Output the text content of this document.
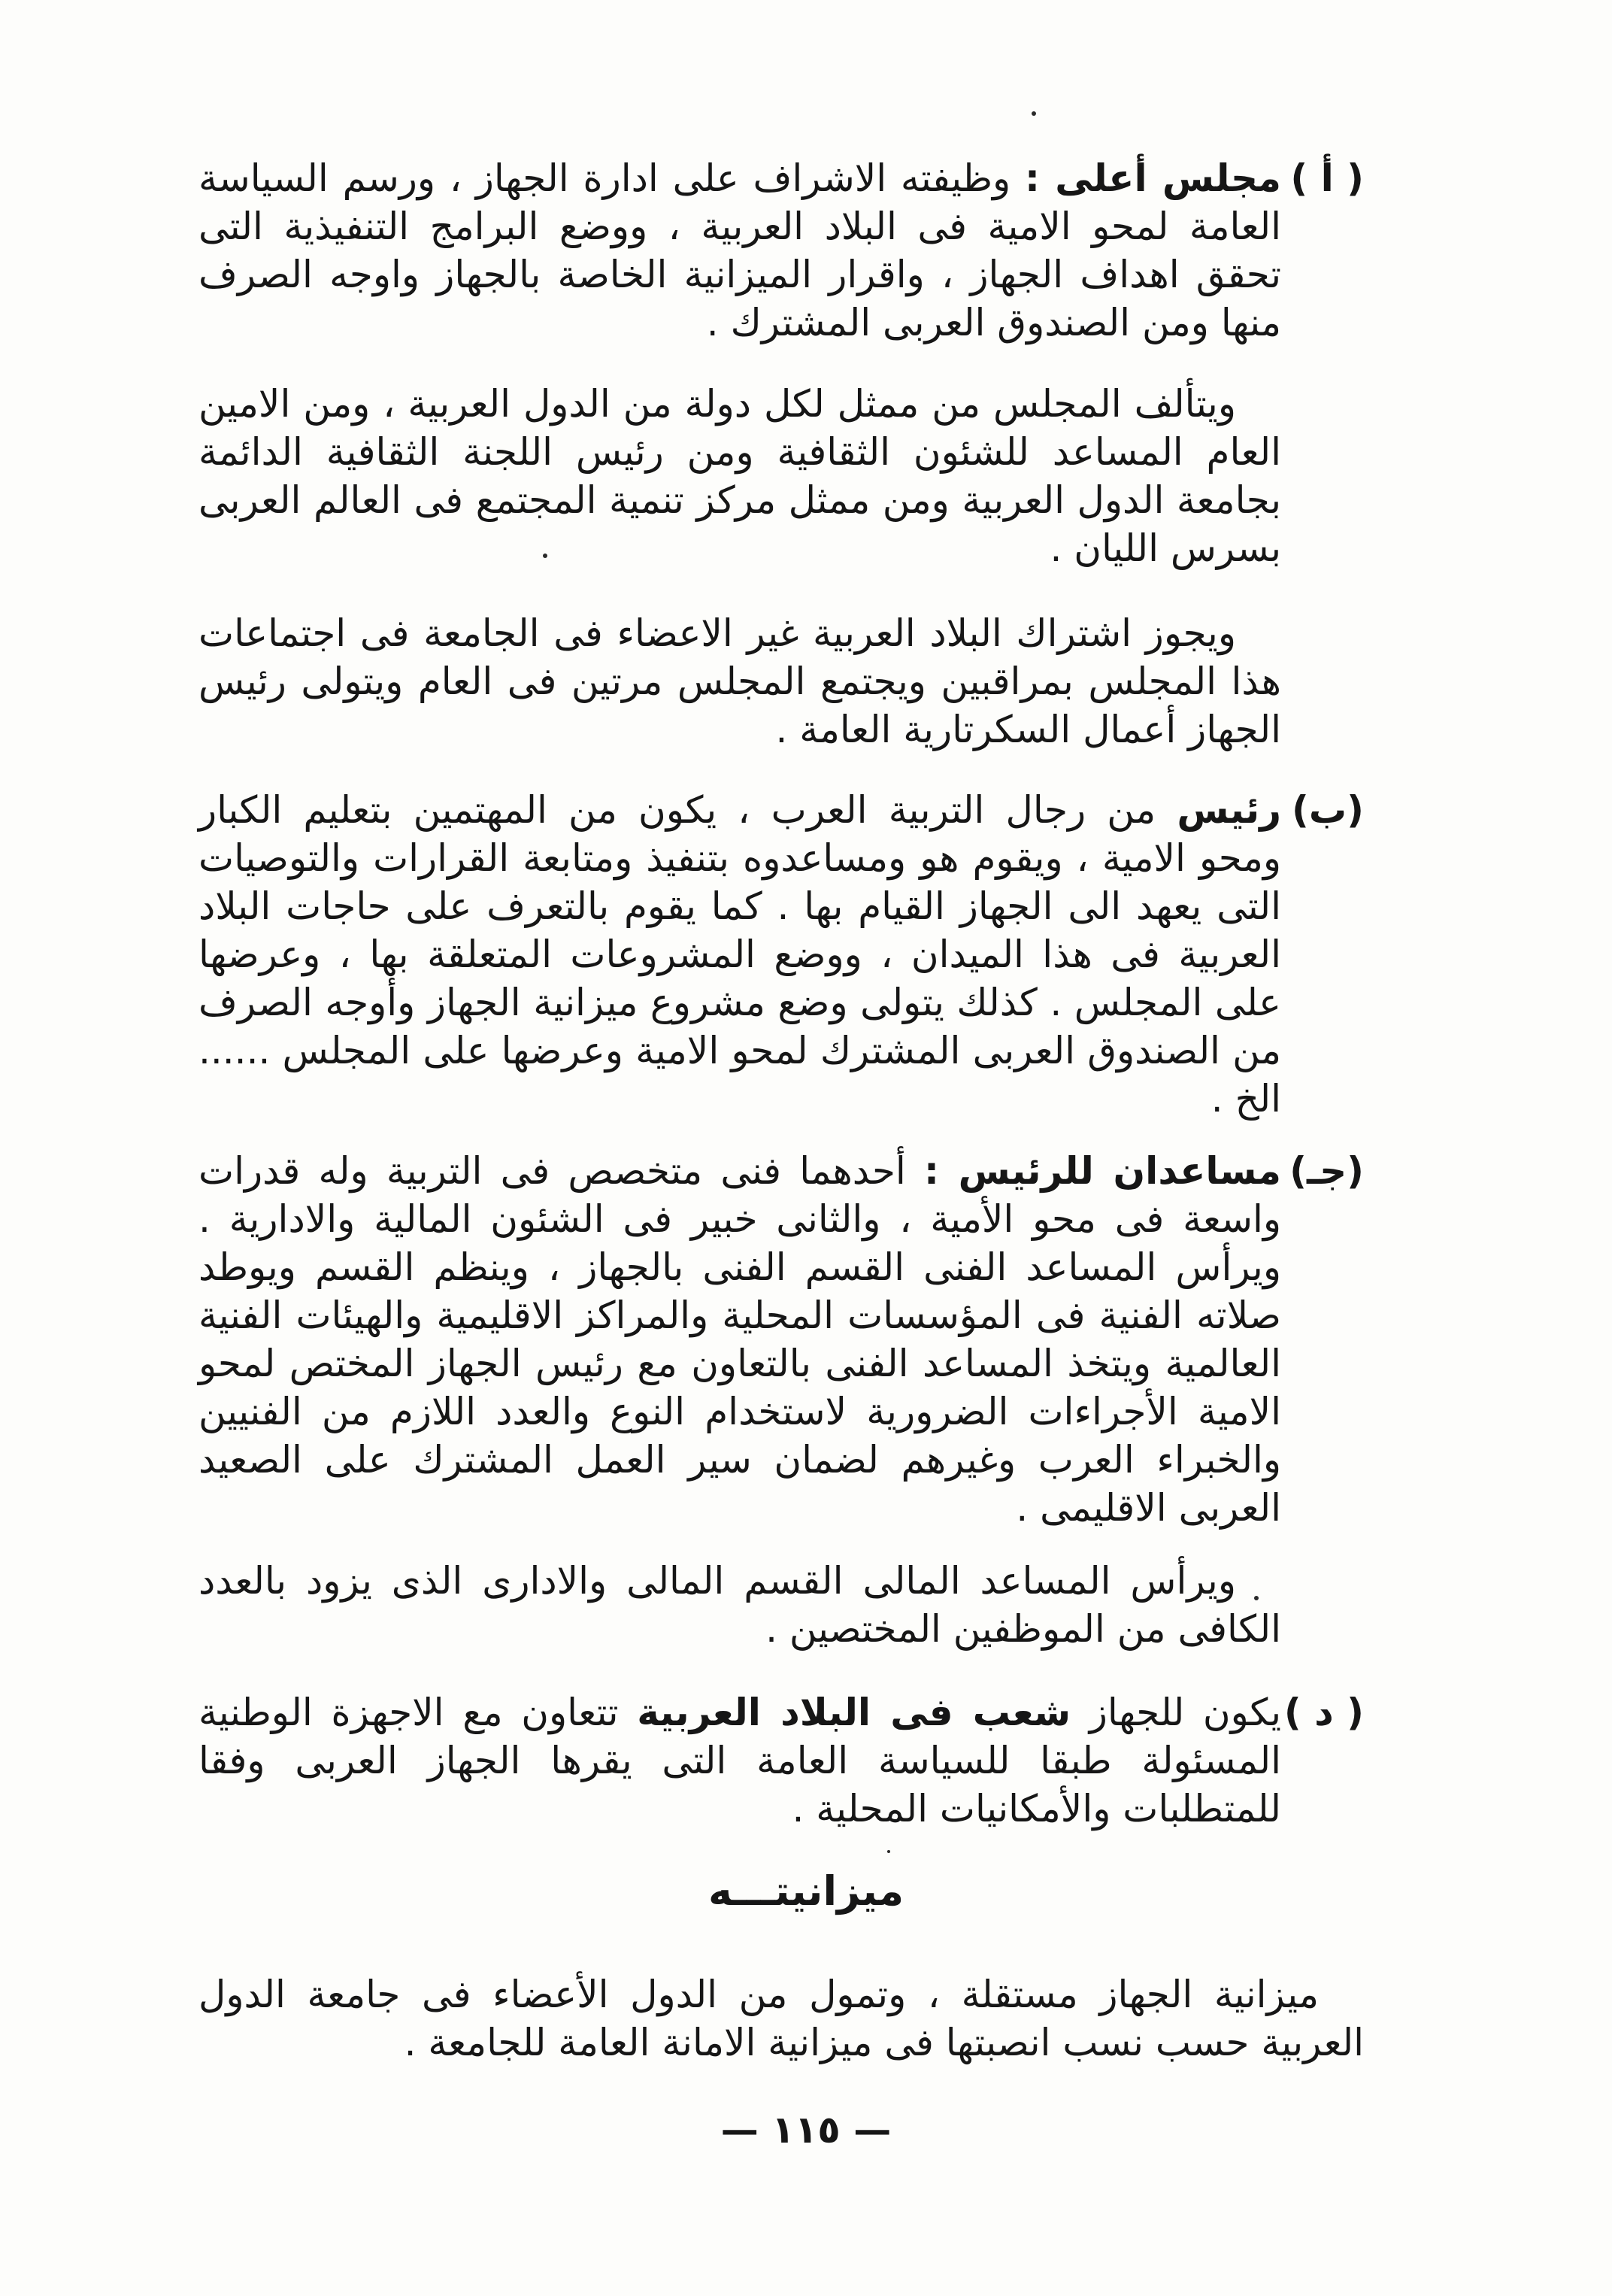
( أ )
مجلس أعلى : وظيفته الاشراف على ادارة الجهاز ، ورسم السياسة العامة لمحو الامية فى البلاد العربية ، ووضع البرامج التنفيذية التى تحقق اهداف الجهاز ، واقرار الميزانية الخاصة بالجهاز واوجه الصرف منها ومن الصندوق العربى المشترك .
ويتألف المجلس من ممثل لكل دولة من الدول العربية ، ومن الامين العام المساعد للشئون الثقافية ومن رئيس اللجنة الثقافية الدائمة بجامعة الدول العربية ومن ممثل مركز تنمية المجتمع فى العالم العربى بسرس الليان .
ويجوز اشتراك البلاد العربية غير الاعضاء فى الجامعة فى اجتماعات هذا المجلس بمراقبين ويجتمع المجلس مرتين فى العام ويتولى رئيس الجهاز أعمال السكرتارية العامة .
(ب)
رئيس من رجال التربية العرب ، يكون من المهتمين بتعليم الكبار ومحو الامية ، ويقوم هو ومساعدوه بتنفيذ ومتابعة القرارات والتوصيات التى يعهد الى الجهاز القيام بها . كما يقوم بالتعرف على حاجات البلاد العربية فى هذا الميدان ، ووضع المشروعات المتعلقة بها ، وعرضها على المجلس . كذلك يتولى وضع مشروع ميزانية الجهاز وأوجه الصرف من الصندوق العربى المشترك لمحو الامية وعرضها على المجلس ...... الخ .
(جـ)
مساعدان للرئيس : أحدهما فنى متخصص فى التربية وله قدرات واسعة فى محو الأمية ، والثانى خبير فى الشئون المالية والادارية . ويرأس المساعد الفنى القسم الفنى بالجهاز ، وينظم القسم ويوطد صلاته الفنية فى المؤسسات المحلية والمراكز الاقليمية والهيئات الفنية العالمية ويتخذ المساعد الفنى بالتعاون مع رئيس الجهاز المختص لمحو الامية الأجراءات الضرورية لاستخدام النوع والعدد اللازم من الفنيين والخبراء العرب وغيرهم لضمان سير العمل المشترك على الصعيد العربى الاقليمى .
ويرأس المساعد المالى القسم المالى والادارى الذى يزود بالعدد الكافى من الموظفين المختصين .
( د )
يكون للجهاز شعب فى البلاد العربية تتعاون مع الاجهزة الوطنية المسئولة طبقا للسياسة العامة التى يقرها الجهاز العربى وفقا للمتطلبات والأمكانيات المحلية .
ميزانيتـــه
ميزانية الجهاز مستقلة ، وتمول من الدول الأعضاء فى جامعة الدول العربية حسب نسب انصبتها فى ميزانية الامانة العامة للجامعة .
— ١١٥ —
